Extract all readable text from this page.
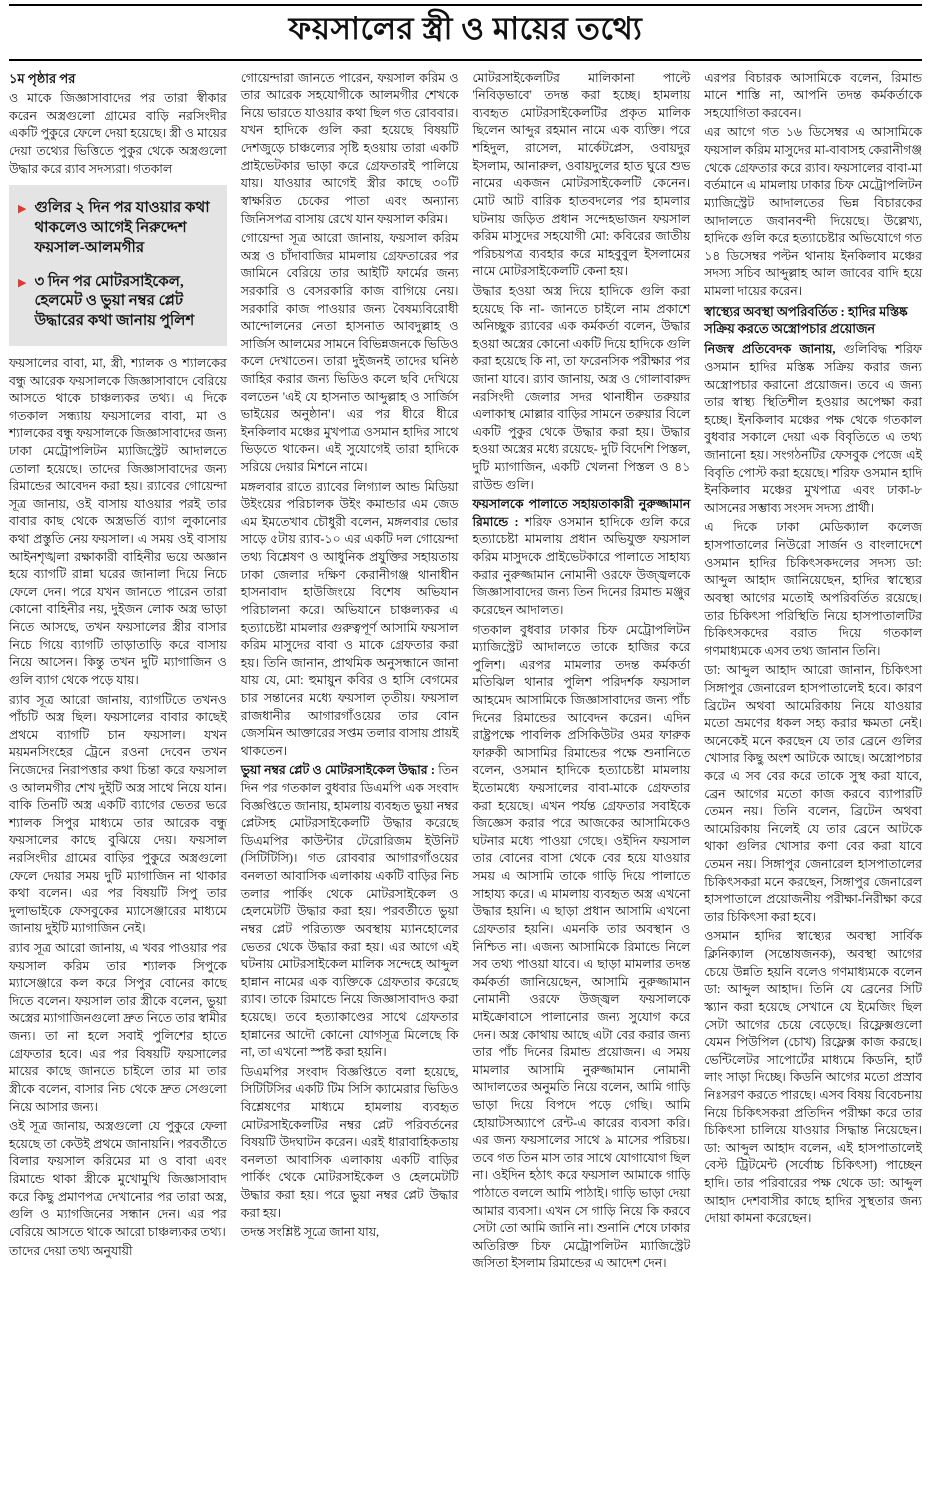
ফয়সালের স্ত্রী ও মায়ের তথ্যে
১ম পৃষ্ঠার পর

ও মাকে জিজ্ঞাসাবাদের পর তারা স্বীকার করেন অস্ত্রগুলো গ্রামের বাড়ি নরসিংদীর একটি পুকুরে ফেলে দেয়া হয়েছে। স্ত্রী ও মায়ের দেয়া তথ্যের ভিত্তিতে পুকুর থেকে অস্ত্রগুলো উদ্ধার করে র‍্যাব সদস্যরা। গতকাল

▶ গুলির ২ দিন পর যাওয়ার কথা থাকলেও আগেই নিরুদ্দেশ ফয়সাল-আলমগীর
▶ ৩ দিন পর মোটরসাইকেল, হেলমেট ও ভুয়া নম্বর প্লেট উদ্ধারের কথা জানায় পুলিশ

ফয়সালের বাবা, মা, স্ত্রী, শ্যালক ও শ্যালকের বন্ধু আরেক ফয়সালকে জিজ্ঞাসাবাদে বেরিয়ে আসতে থাকে চাঞ্চল্যকর তথ্য। এ দিকে গতকাল সন্ধ্যায় ফয়সালের বাবা, মা ও শ্যালকের বন্ধু ফয়সালকে জিজ্ঞাসাবাদের জন্য ঢাকা মেট্রোপলিটন ম্যাজিস্ট্রেট আদালতে তোলা হয়েছে। তাদের জিজ্ঞাসাবাদের জন্য রিমান্ডের আবেদন করা হয়। র‍্যাবের গোয়েন্দা সূত্র জানায়, ওই বাসায় যাওয়ার পরই তার বাবার কাছ থেকে অস্ত্রভর্তি ব্যাগ লুকানোর কথা প্রস্তুতি নেয় ফয়সাল। এ সময় ওই বাসায় আইনশৃঙ্খলা রক্ষাকারী বাহিনীর ভয়ে অজ্ঞান হয়ে ব্যাগটি রান্না ঘরের জানালা দিয়ে নিচে ফেলে দেন। পরে যখন জানতে পারেন তারা কোনো বাহিনীর নয়, দুইজন লোক অস্ত্র ভাড়া নিতে আসছে, তখন ফয়সালের স্ত্রীর বাসার নিচে গিয়ে ব্যাগটি তাড়াতাড়ি করে বাসায় নিয়ে আসেন। কিন্তু তখন দুটি ম্যাগাজিন ও গুলি ব্যাগ থেকে পড়ে যায়।

র‍্যাব সূত্র আরো জানায়, ব্যাগটিতে তখনও পাঁচটি অস্ত্র ছিল। ফয়সালের বাবার কাছেই প্রথমে ব্যাগটি চান ফয়সাল। যখন ময়মনসিংহের ট্রেনে রওনা দেবেন তখন নিজেদের নিরাপত্তার কথা চিন্তা করে ফয়সাল ও আলমগীর শেখ দুইটি অস্ত্র সাথে নিয়ে যান। বাকি তিনটি অস্ত্র একটি ব্যাগের ভেতর ভরে শ্যালক সিপুর মাধ্যমে তার আরেক বন্ধু ফয়সালের কাছে বুঝিয়ে দেয়। ফয়সাল নরসিংদীর গ্রামের বাড়ির পুকুরে অস্ত্রগুলো ফেলে দেয়ার সময় দুটি ম্যাগাজিন না থাকার কথা বলেন। এর পর বিষয়টি সিপু তার দুলাভাইকে ফেসবুকের ম্যাসেঞ্জারের মাধ্যমে জানায় দুইটি ম্যাগাজিন নেই।

র‍্যাব সূত্র আরো জানায়, এ খবর পাওয়ার পর ফয়সাল করিম তার শ্যালক সিপুকে ম্যাসেঞ্জারে কল করে সিপুর বোনের কাছে দিতে বলেন। ফয়সাল তার স্ত্রীকে বলেন, ভুয়া অস্ত্রের ম্যাগাজিনগুলো দ্রুত নিতে তার স্বামীর জন্য। তা না হলে সবাই পুলিশের হাতে গ্রেফতার হবে। এর পর বিষয়টি ফয়সালের মায়ের কাছে জানতে চাইলে তার মা তার স্ত্রীকে বলেন, বাসার নিচ থেকে দ্রুত সেগুলো নিয়ে আসার জন্য।

ওই সূত্র জানায়, অস্ত্রগুলো যে পুকুরে ফেলা হয়েছে তা কেউই প্রথমে জানায়নি। পরবর্তীতে বিলার ফয়সাল করিমের মা ও বাবা এবং রিমান্ডে থাকা স্ত্রীকে মুখোমুখি জিজ্ঞাসাবাদ করে কিছু প্রমাণপত্র দেখানোর পর তারা অস্ত্র, গুলি ও ম্যাগজিনের সন্ধান দেন। এর পর বেরিয়ে আসতে থাকে আরো চাঞ্চল্যকর তথ্য।

তাদের দেয়া তথ্য অনুযায়ী

গোয়েন্দারা জানতে পারেন, ফয়সাল করিম ও তার আরেক সহযোগীকে আলমগীর শেখকে নিয়ে ভারতে যাওয়ার কথা ছিল গত রোববার। যখন হাদিকে গুলি করা হয়েছে বিষয়টি দেশজুড়ে চাঞ্চল্যের সৃষ্টি হওয়ায় তারা একটি প্রাইভেটকার ভাড়া করে গ্রেফতারই পালিয়ে যায়। যাওয়ার আগেই স্ত্রীর কাছে ৩০টি স্বাক্ষরিত চেকের পাতা এবং অন্যান্য জিনিসপত্র বাসায় রেখে যান ফয়সাল করিম।

গোয়েন্দা সূত্র আরো জানায়, ফয়সাল করিম অস্ত্র ও চাঁদাবাজির মামলায় গ্রেফতারের পর জামিনে বেরিয়ে তার আইটি ফার্মের জন্য সরকারি ও বেসরকারি কাজ বাগিয়ে নেয়। সরকারি কাজ পাওয়ার জন্য বৈষম্যবিরোধী আন্দোলনের নেতা হাসনাত আবদুল্লাহ ও সার্জিস আলমের সামনে বিভিন্নজনকে ভিডিও কলে দেখাতেন। তারা দুইজনই তাদের ঘনিষ্ঠ জাহির করার জন্য ভিডিও কলে ছবি দেখিয়ে বলতেন 'এই যে হাসনাত আব্দুল্লাহ ও সার্জিস ভাইয়ের অনুষ্ঠান'। এর পর ধীরে ধীরে ইনকিলাব মঞ্চের মুখপাত্র ওসমান হাদির সাথে ভিড়তে থাকেন। এই সুযোগেই তারা হাদিকে সরিয়ে দেয়ার মিশনে নামে।

মঙ্গলবার রাতে র‍্যাবের লিগ্যাল আন্ড মিডিয়া উইংয়ের পরিচালক উইং কমান্ডার এম জেড এম ইমতেখাব চৌধুরী বলেন, মঙ্গলবার ভোর সাড়ে ৫টায় র‍্যাব-১০ এর একটি দল গোয়েন্দা তথ্য বিশ্লেষণ ও আধুনিক প্রযুক্তির সহায়তায় ঢাকা জেলার দক্ষিণ কেরানীগঞ্জ থানাধীন হাসনাবাদ হাউজিংয়ে বিশেষ অভিযান পরিচালনা করে। অভিযানে চাঞ্চল্যকর এ হত্যাচেষ্টা মামলার গুরুত্বপূর্ণ আসামি ফয়সাল করিম মাসুদের বাবা ও মাকে গ্রেফতার করা হয়। তিনি জানান, প্রাথমিক অনুসন্ধানে জানা যায় যে, মো: হুমায়ুন কবির ও হাসি বেগমের চার সন্তানের মধ্যে ফয়সাল তৃতীয়। ফয়সাল রাজধানীর আগারগাঁওয়ের তার বোন জেসমিন আক্তারের সপ্তম তলার বাসায় প্রায়ই থাকতেন।

ভুয়া নম্বর প্লেট ও মোটরসাইকেল উদ্ধার : তিন দিন পর গতকাল বুধবার ডিএমপি এক সংবাদ বিজ্ঞপ্তিতে জানায়, হামলায় ব্যবহৃত ভুয়া নম্বর প্লেটসহ মোটরসাইকেলটি উদ্ধার করেছে ডিএমপির কাউন্টার টেরোরিজম ইউনিট (সিটিটিসি)। গত রোববার আগারগাঁওয়ের বনলতা আবাসিক এলাকায় একটি বাড়ির নিচ তলার পার্কিং থেকে মোটরসাইকেল ও হেলমেটটি উদ্ধার করা হয়। পরবর্তীতে ভুয়া নম্বর প্লেট পরিত্যক্ত অবস্থায় ম্যানহোলের ভেতর থেকে উদ্ধার করা হয়। এর আগে এই ঘটনায় মোটরসাইকেল মালিক সন্দেহে আব্দুল হান্নান নামের এক ব্যক্তিকে গ্রেফতার করেছে র‍্যাব। তাকে রিমান্ডে নিয়ে জিজ্ঞাসাবাদও করা হয়েছে। তবে হত্যাকাণ্ডের সাথে গ্রেফতার হান্নানের আদৌ কোনো যোগসূত্র মিলেছে কি না, তা এখনো স্পষ্ট করা হয়নি।

ডিএমপির সংবাদ বিজ্ঞপ্তিতে বলা হয়েছে, সিটিটিসির একটি টিম সিসি ক্যামেরার ভিডিও বিশ্লেষণের মাধ্যমে হামলায় ব্যবহৃত মোটরসাইকেলটির নম্বর প্লেট পরিবর্তনের বিষয়টি উদঘাটন করেন। এরই ধারাবাহিকতায় বনলতা আবাসিক এলাকায় একটি বাড়ির পার্কিং থেকে মোটরসাইকেল ও হেলমেটটি উদ্ধার করা হয়। পরে ভুয়া নম্বর প্লেট উদ্ধার করা হয়।

তদন্ত সংশ্লিষ্ট সূত্রে জানা যায়,

মোটরসাইকেলটির মালিকানা পাল্টে 'নিবিড়ভাবে' তদন্ত করা হচ্ছে। হামলায় ব্যবহৃত মোটরসাইকেলটির প্রকৃত মালিক ছিলেন আব্দুর রহমান নামে এক ব্যক্তি। পরে শহিদুল, রাসেল, মার্কেটপ্লেস, ওবায়দুর ইসলাম, আনারুল, ওবায়দুলের হাত ঘুরে শুভ নামের একজন মোটরসাইকেলটি কেনেন। মোট আট বারিক হাতবদলের পর হামলার ঘটনায় জড়িত প্রধান সন্দেহভাজন ফয়সাল করিম মাসুদের সহযোগী মো: কবিরের জাতীয় পরিচয়পত্র ব্যবহার করে মাহবুবুল ইসলামের নামে মোটরসাইকেলটি কেনা হয়।

উদ্ধার হওয়া অস্ত্র দিয়ে হাদিকে গুলি করা হয়েছে কি না- জানতে চাইলে নাম প্রকাশে অনিচ্ছুক র‍্যাবের এক কর্মকর্তা বলেন, উদ্ধার হওয়া অস্ত্রের কোনো একটি দিয়ে হাদিকে গুলি করা হয়েছে কি না, তা ফরেনসিক পরীক্ষার পর জানা যাবে। র‍্যাব জানায়, অস্ত্র ও গোলাবারুদ নরসিংদী জেলার সদর থানাধীন তরুয়ার এলাকাস্থ মোল্লার বাড়ির সামনে তরুয়ার বিলে একটি পুকুর থেকে উদ্ধার করা হয়। উদ্ধার হওয়া অস্ত্রের মধ্যে রয়েছে- দুটি বিদেশি পিস্তল, দুটি ম্যাগাজিন, একটি খেলনা পিস্তল ও ৪১ রাউন্ড গুলি।

ফয়সালকে পালাতে সহায়তাকারী নুরুজ্জামান রিমান্ডে : শরিফ ওসমান হাদিকে গুলি করে হত্যাচেষ্টা মামলায় প্রধান অভিযুক্ত ফয়সাল করিম মাসুদকে প্রাইভেটকারে পালাতে সাহায্য করার নুরুজ্জামান নোমানী ওরফে উজ্জ্বলকে জিজ্ঞাসাবাদের জন্য তিন দিনের রিমান্ড মঞ্জুর করেছেন আদালত।

গতকাল বুধবার ঢাকার চিফ মেট্রোপলিটন ম্যাজিস্ট্রেট আদালতে তাকে হাজির করে পুলিশ। এরপর মামলার তদন্ত কর্মকর্তা মতিঝিল থানার পুলিশ পরিদর্শক ফয়সাল আহমেদ আসামিকে জিজ্ঞাসাবাদের জন্য পাঁচ দিনের রিমান্ডের আবেদন করেন। এদিন রাষ্ট্রপক্ষে পাবলিক প্রসিকিউটর ওমর ফারুক ফারুকী আসামির রিমান্ডের পক্ষে শুনানিতে বলেন, ওসমান হাদিকে হত্যাচেষ্টা মামলায় ইতোমধ্যে ফয়সালের বাবা-মাকে গ্রেফতার করা হয়েছে। এখন পর্যন্ত গ্রেফতার সবাইকে জিজ্ঞেস করার পরে আজকের আসামিকেও ঘটনার মধ্যে পাওয়া গেছে। ওইদিন ফয়সাল তার বোনের বাসা থেকে বের হয়ে যাওয়ার সময় এ আসামি তাকে গাড়ি দিয়ে পালাতে সাহায্য করে। এ মামলায় ব্যবহৃত অস্ত্র এখনো উদ্ধার হয়নি। এ ছাড়া প্রধান আসামি এখনো গ্রেফতার হয়নি। এমনকি তার অবস্থান ও নিশ্চিত না। এজন্য আসামিকে রিমান্ডে নিলে সব তথ্য পাওয়া যাবে। এ ছাড়া মামলার তদন্ত কর্মকর্তা জানিয়েছেন, আসামি নুরুজ্জামান নোমানী ওরফে উজ্জ্বল ফয়সালকে মাইক্রোবাসে পালানোর জন্য সুযোগ করে দেন। অস্ত্র কোথায় আছে এটা বের করার জন্য তার পাঁচ দিনের রিমান্ড প্রয়োজন। এ সময় মামলার আসামি নুরুজ্জামান নোমানী আদালতের অনুমতি নিয়ে বলেন, আমি গাড়ি ভাড়া দিয়ে বিপদে পড়ে গেছি। আমি হোয়াটসঅ্যাপে রেন্ট-এ কারের ব্যবসা করি। এর জন্য ফয়সালের সাথে ৯ মাসের পরিচয়। তবে গত তিন মাস তার সাথে যোগাযোগ ছিল না। ওইদিন হঠাৎ করে ফয়সাল আমাকে গাড়ি পাঠাতে বললে আমি পাঠাই। গাড়ি ভাড়া দেয়া আমার ব্যবসা। এখন সে গাড়ি নিয়ে কি করবে সেটা তো আমি জানি না। শুনানি শেষে ঢাকার অতিরিক্ত চিফ মেট্রোপলিটন ম্যাজিস্ট্রেট জসিতা ইসলাম রিমান্ডের এ আদেশ দেন।

এরপর বিচারক আসামিকে বলেন, রিমান্ড মানে শাস্তি না, আপনি তদন্ত কর্মকর্তাকে সহযোগিতা করবেন।

এর আগে গত ১৬ ডিসেম্বর এ আসামিকে ফয়সাল করিম মাসুদের মা-বাবাসহ কেরানীগঞ্জ থেকে গ্রেফতার করে র‍্যাব। ফয়সালের বাবা-মা বর্তমানে এ মামলায় ঢাকার চিফ মেট্রোপলিটন ম্যাজিস্ট্রেট আদালতের ভিন্ন বিচারকের আদালতে জবানবন্দী দিয়েছে। উল্লেখ্য, হাদিকে গুলি করে হত্যাচেষ্টার অভিযোগে গত ১৪ ডিসেম্বর পল্টন থানায় ইনকিলাব মঞ্চের সদস্য সচিব আব্দুল্লাহ আল জাবের বাদি হয়ে মামলা দায়ের করেন।

স্বাস্থ্যের অবস্থা অপরিবর্তিত : হাদির মস্তিষ্ক সক্রিয় করতে অস্ত্রোপচার প্রয়োজন

নিজস্ব প্রতিবেদক জানায়, গুলিবিদ্ধ শরিফ ওসমান হাদির মস্তিষ্ক সক্রিয় করার জন্য অস্ত্রোপচার করানো প্রয়োজন। তবে এ জন্য তার স্বাস্থ্য স্থিতিশীল হওয়ার অপেক্ষা করা হচ্ছে। ইনকিলাব মঞ্চের পক্ষ থেকে গতকাল বুধবার সকালে দেয়া এক বিবৃতিতে এ তথ্য জানানো হয়। সংগঠনটির ফেসবুক পেজে এই বিবৃতি পোস্ট করা হয়েছে। শরিফ ওসমান হাদি ইনকিলাব মঞ্চের মুখপাত্র এবং ঢাকা-৮ আসনের সম্ভাব্য সংসদ সদস্য প্রার্থী।

এ দিকে ঢাকা মেডিক্যাল কলেজ হাসপাতালের নিউরো সার্জন ও বাংলাদেশে ওসমান হাদির চিকিৎসকদলের সদস্য ডা: আব্দুল আহাদ জানিয়েছেন, হাদির স্বাস্থ্যের অবস্থা আগের মতোই অপরিবর্তিত রয়েছে। তার চিকিৎসা পরিস্থিতি নিয়ে হাসপাতালটির চিকিৎসকদের বরাত দিয়ে গতকাল গণমাধ্যমকে এসব তথ্য জানান তিনি।

ডা: আব্দুল আহাদ আরো জানান, চিকিৎসা সিঙ্গাপুর জেনারেল হাসপাতালেই হবে। কারণ ব্রিটেন অথবা আমেরিকায় নিয়ে যাওয়ার মতো ভ্রমণের ধকল সহ্য করার ক্ষমতা নেই। অনেকেই মনে করছেন যে তার ব্রেনে গুলির খোসার কিছু অংশ আটকে আছে। অস্ত্রোপচার করে এ সব বের করে তাকে সুস্থ করা যাবে, ব্রেন আগের মতো কাজ করবে ব্যাপারটি তেমন নয়। তিনি বলেন, ব্রিটেন অথবা আমেরিকায় নিলেই যে তার ব্রেনে আটকে থাকা গুলির খোসার কণা বের করা যাবে তেমন নয়। সিঙ্গাপুর জেনারেল হাসপাতালের চিকিৎসকরা মনে করছেন, সিঙ্গাপুর জেনারেল হাসপাতালে প্রয়োজনীয় পরীক্ষা-নিরীক্ষা করে তার চিকিৎসা করা হবে।

ওসমান হাদির স্বাস্থ্যের অবস্থা সার্বিক ক্লিনিক্যাল (সন্তোষজনক), অবস্থা আগের চেয়ে উন্নতি হয়নি বলেও গণমাধ্যমকে বলেন ডা: আব্দুল আহাদ। তিনি যে ব্রেনের সিটি স্ক্যান করা হয়েছে সেখানে যে ইমেজিং ছিল সেটা আগের চেয়ে বেড়েছে। রিফ্লেক্সগুলো যেমন পিউপিল (চোখ) রিফ্লেক্স কাজ করছে। ভেন্টিলেটর সাপোর্টের মাধ্যমে কিডনি, হার্ট লাং সাড়া দিচ্ছে। কিডনি আগের মতো প্রস্রাব নিঃসরণ করতে পারছে। এসব বিষয় বিবেচনায় নিয়ে চিকিৎসকরা প্রতিদিন পরীক্ষা করে তার চিকিৎসা চালিয়ে যাওয়ার সিদ্ধান্ত নিয়েছেন। ডা: আব্দুল আহাদ বলেন, এই হাসপাতালেই বেস্ট ট্রিটমেন্ট (সর্বোচ্চ চিকিৎসা) পাচ্ছেন হাদি। তার পরিবারের পক্ষ থেকে ডা: আব্দুল আহাদ দেশবাসীর কাছে হাদির সুস্থতার জন্য দোয়া কামনা করেছেন।
